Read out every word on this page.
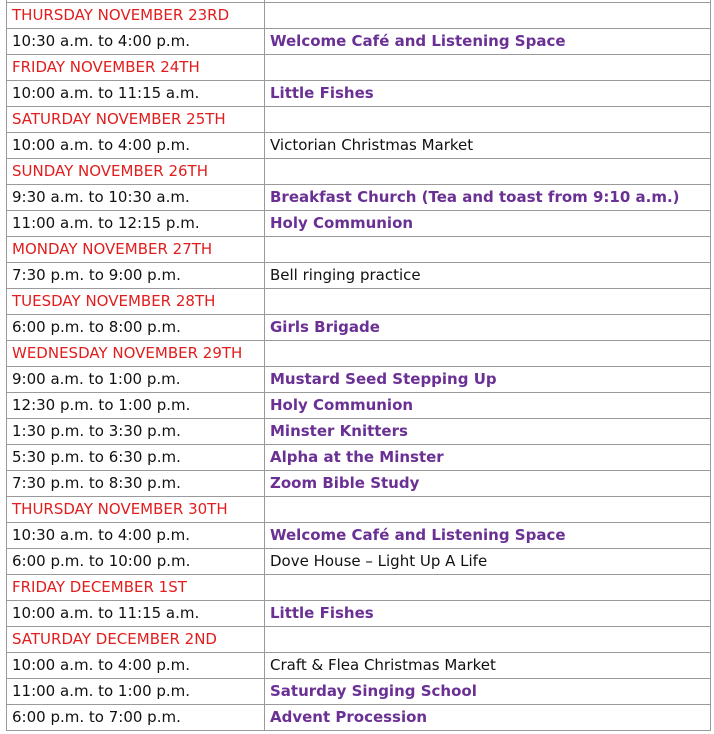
THURSDAY NOVEMBER 23RD	
10:30 a.m. to 4:00 p.m.	Welcome Café and Listening Space
FRIDAY NOVEMBER 24TH	
10:00 a.m. to 11:15 a.m.	Little Fishes
SATURDAY NOVEMBER 25TH	
10:00 a.m. to 4:00 p.m.	Victorian Christmas Market
SUNDAY NOVEMBER 26TH	
9:30 a.m. to 10:30 a.m.	Breakfast Church (Tea and toast from 9:10 a.m.)
11:00 a.m. to 12:15 p.m.	Holy Communion
MONDAY NOVEMBER 27TH	
7:30 p.m. to 9:00 p.m.	Bell ringing practice
TUESDAY NOVEMBER 28TH	
6:00 p.m. to 8:00 p.m.	Girls Brigade
WEDNESDAY NOVEMBER 29TH	
9:00 a.m. to 1:00 p.m.	Mustard Seed Stepping Up
12:30 p.m. to 1:00 p.m.	Holy Communion
1:30 p.m. to 3:30 p.m.	Minster Knitters
5:30 p.m. to 6:30 p.m.	Alpha at the Minster
7:30 p.m. to 8:30 p.m.	Zoom Bible Study
THURSDAY NOVEMBER 30TH	
10:30 a.m. to 4:00 p.m.	Welcome Café and Listening Space
6:00 p.m. to 10:00 p.m.	Dove House – Light Up A Life
FRIDAY DECEMBER 1ST	
10:00 a.m. to 11:15 a.m.	Little Fishes
SATURDAY DECEMBER 2ND	
10:00 a.m. to 4:00 p.m.	Craft & Flea Christmas Market
11:00 a.m. to 1:00 p.m.	Saturday Singing School
6:00 p.m. to 7:00 p.m.	Advent Procession
